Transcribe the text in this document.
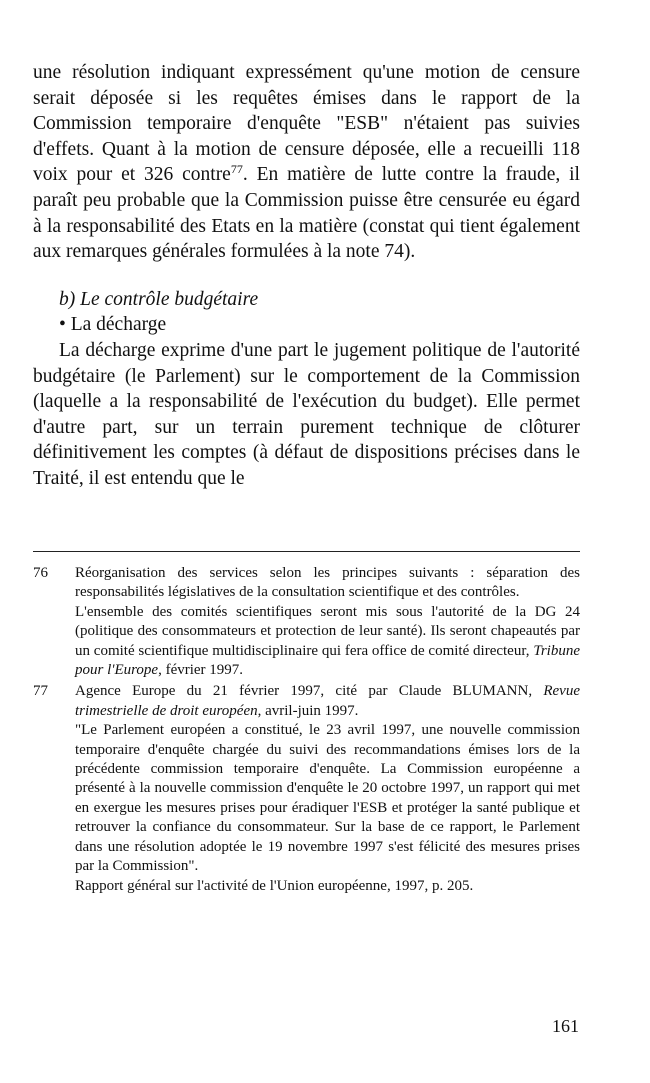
une résolution indiquant expressément qu'une motion de censure serait déposée si les requêtes émises dans le rapport de la Commission temporaire d'enquête "ESB" n'étaient pas suivies d'effets. Quant à la motion de censure déposée, elle a recueilli 118 voix pour et 326 contre$^{77}$. En matière de lutte contre la fraude, il paraît peu probable que la Commission puisse être censurée eu égard à la responsabilité des Etats en la matière (constat qui tient également aux remarques générales formulées à la note 74).

b) Le contrôle budgétaire

• La décharge

La décharge exprime d'une part le jugement politique de l'autorité budgétaire (le Parlement) sur le comportement de la Commission (laquelle a la responsabilité de l'exécution du budget). Elle permet d'autre part, sur un terrain purement technique de clôturer définitivement les comptes (à défaut de dispositions précises dans le Traité, il est entendu que le

76 Réorganisation des services selon les principes suivants : séparation des responsabilités législatives de la consultation scientifique et des contrôles.

L'ensemble des comités scientifiques seront mis sous l'autorité de la DG 24 (politique des consommateurs et protection de leur santé). Ils seront chapeautés par un comité scientifique multidisciplinaire qui fera office de comité directeur, Tribune pour l'Europe, février 1997.

77 Agence Europe du 21 février 1997, cité par Claude BLUMANN, Revue trimestrielle de droit européen, avril-juin 1997.

"Le Parlement européen a constitué, le 23 avril 1997, une nouvelle commission temporaire d'enquête chargée du suivi des recommandations émises lors de la précédente commission temporaire d'enquête. La Commission européenne a présenté à la nouvelle commission d'enquête le 20 octobre 1997, un rapport qui met en exergue les mesures prises pour éradiquer l'ESB et protéger la santé publique et retrouver la confiance du consommateur. Sur la base de ce rapport, le Parlement dans une résolution adoptée le 19 novembre 1997 s'est félicité des mesures prises par la Commission".

Rapport général sur l'activité de l'Union européenne, 1997, p. 205.

161
